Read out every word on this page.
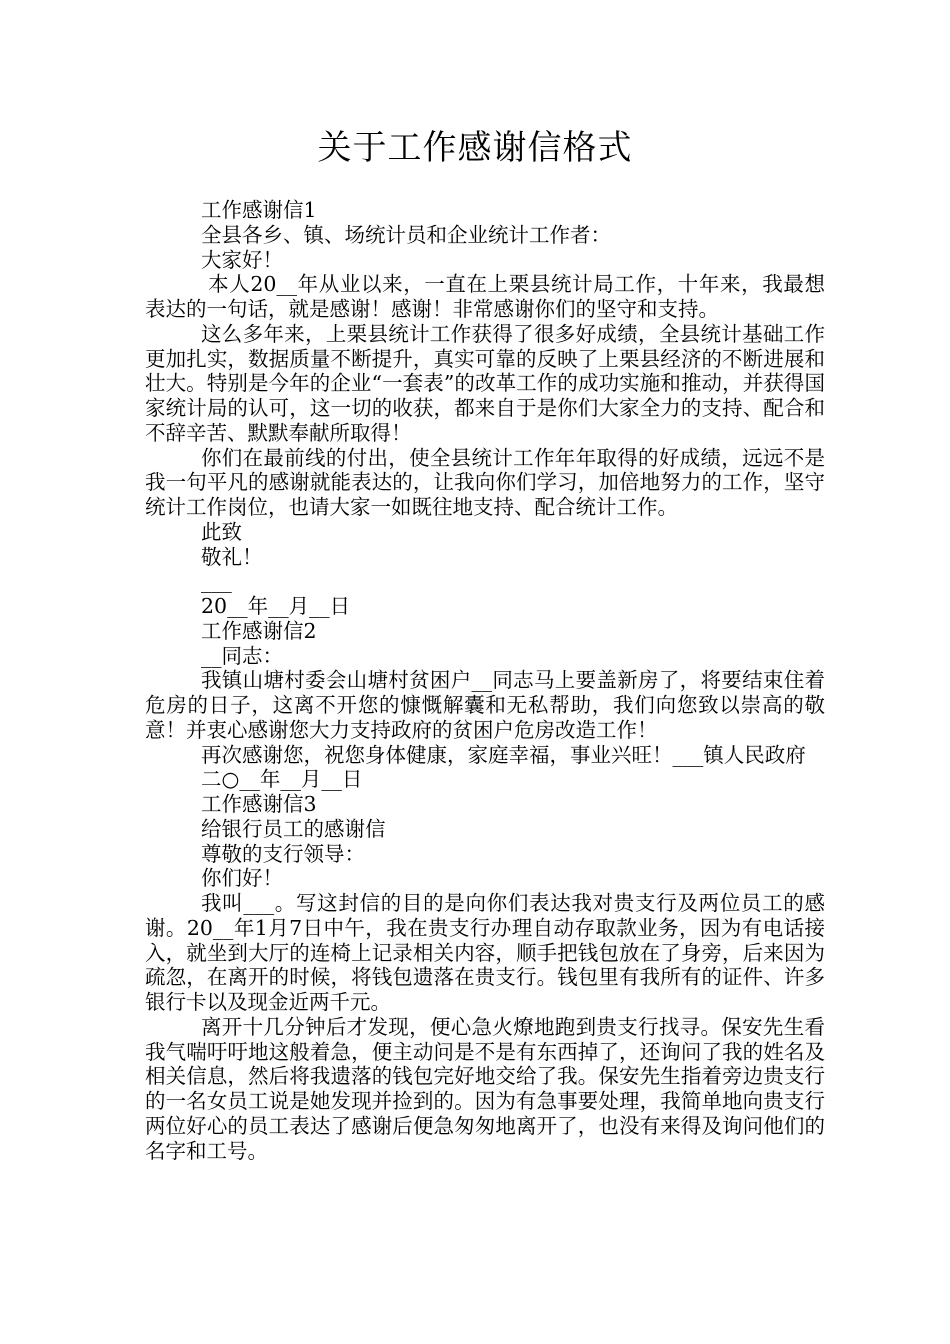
关于工作感谢信格式

工作感谢信1

全县各乡、镇、场统计员和企业统计工作者：

大家好！

本人20__年从业以来，一直在上栗县统计局工作，十年来，我最想表达的一句话，就是感谢！感谢！非常感谢你们的坚守和支持。

这么多年来，上栗县统计工作获得了很多好成绩，全县统计基础工作更加扎实，数据质量不断提升，真实可靠的反映了上栗县经济的不断进展和壮大。特别是今年的企业“一套表”的改革工作的成功实施和推动，并获得国家统计局的认可，这一切的收获，都来自于是你们大家全力的支持、配合和不辞辛苦、默默奉献所取得！

你们在最前线的付出，使全县统计工作年年取得的好成绩，远远不是我一句平凡的感谢就能表达的，让我向你们学习，加倍地努力的工作，坚守统计工作岗位，也请大家一如既往地支持、配合统计工作。

此致

敬礼！

___

20__年__月__日

工作感谢信2

__同志：

我镇山塘村委会山塘村贫困户__同志马上要盖新房了，将要结束住着危房的日子，这离不开您的慷慨解囊和无私帮助，我们向您致以崇高的敬意！并衷心感谢您大力支持政府的贫困户危房改造工作！

再次感谢您，祝您身体健康，家庭幸福，事业兴旺！___镇人民政府

二○__年__月__日

工作感谢信3

给银行员工的感谢信

尊敬的支行领导：

你们好！

我叫___。写这封信的目的是向你们表达我对贵支行及两位员工的感谢。20__年1月7日中午，我在贵支行办理自动存取款业务，因为有电话接入，就坐到大厅的连椅上记录相关内容，顺手把钱包放在了身旁，后来因为疏忽，在离开的时候，将钱包遗落在贵支行。钱包里有我所有的证件、许多银行卡以及现金近两千元。

离开十几分钟后才发现，便心急火燎地跑到贵支行找寻。保安先生看我气喘吁吁地这般着急，便主动问是不是有东西掉了，还询问了我的姓名及相关信息，然后将我遗落的钱包完好地交给了我。保安先生指着旁边贵支行的一名女员工说是她发现并捡到的。因为有急事要处理，我简单地向贵支行两位好心的员工表达了感谢后便急匆匆地离开了，也没有来得及询问他们的名字和工号。
